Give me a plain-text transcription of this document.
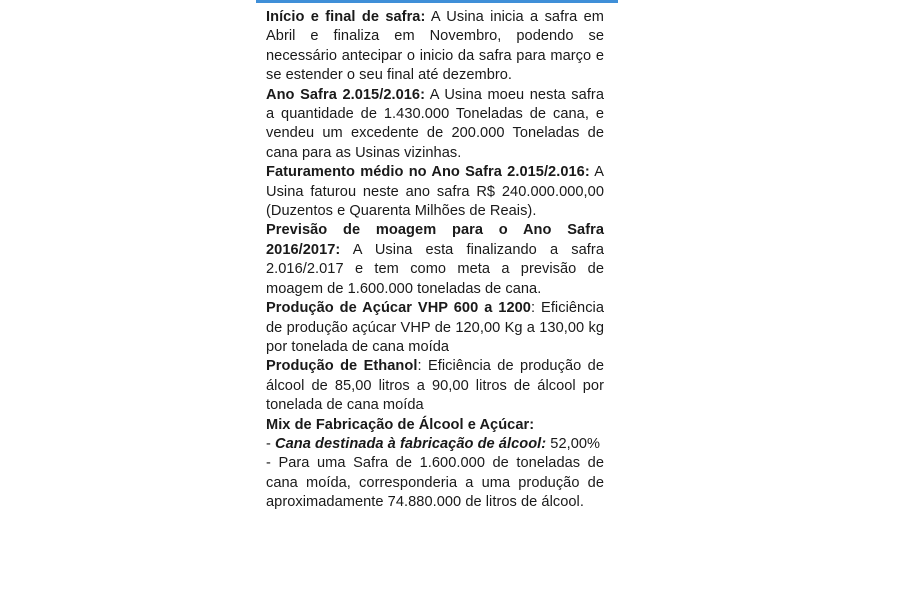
Início e final de safra: A Usina inicia a safra em Abril e finaliza em Novembro, podendo se necessário antecipar o inicio da safra para março e se estender o seu final até dezembro.

Ano Safra 2.015/2.016: A Usina moeu nesta safra a quantidade de 1.430.000 Toneladas de cana, e vendeu um excedente de 200.000 Toneladas de cana para as Usinas vizinhas.

Faturamento médio no Ano Safra 2.015/2.016: A Usina faturou neste ano safra R$ 240.000.000,00 (Duzentos e Quarenta Milhões de Reais).

Previsão de moagem para o Ano Safra 2016/2017: A Usina esta finalizando a safra 2.016/2.017 e tem como meta a previsão de moagem de 1.600.000 toneladas de cana.

Produção de Açúcar VHP 600 a 1200: Eficiência de produção açúcar VHP de 120,00 Kg a 130,00 kg por tonelada de cana moída

Produção de Ethanol: Eficiência de produção de álcool de 85,00 litros a 90,00 litros de álcool por tonelada de cana moída

Mix de Fabricação de Álcool e Açúcar:

- Cana destinada à fabricação de álcool: 52,00%

- Para uma Safra de 1.600.000 de toneladas de cana moída, corresponderia a uma produção de aproximadamente 74.880.000 de litros de álcool.
